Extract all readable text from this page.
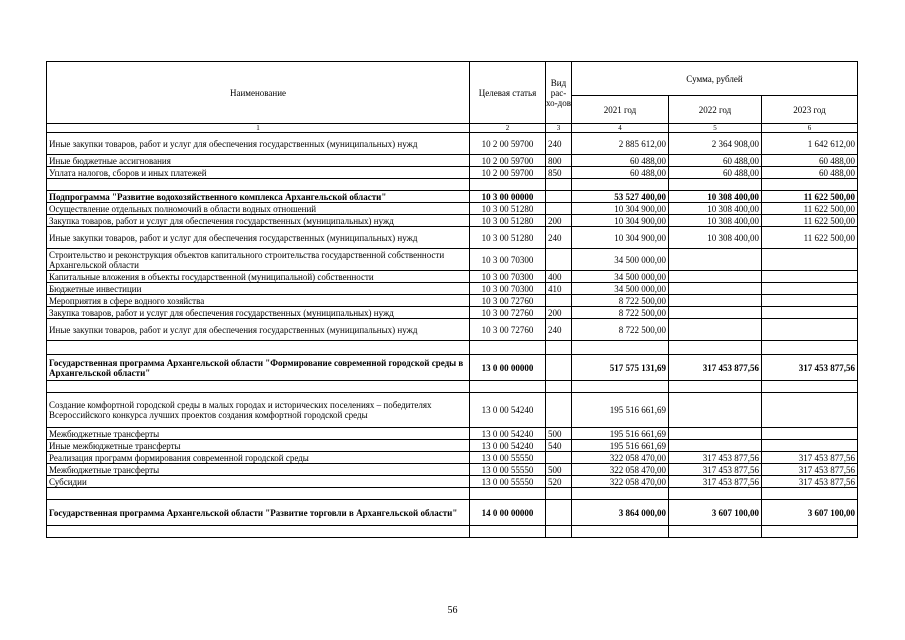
Наименование	Целевая статья	Вид рас-хо-дов	Сумма, рублей		
			2021 год	2022 год	2023 год
1	2	3	4	5	6
Иные закупки товаров, работ и услуг для обеспечения государственных (муниципальных) нужд	10 2 00 59700	240	2 885 612,00	2 364 908,00	1 642 612,00
Иные бюджетные ассигнования	10 2 00 59700	800	60 488,00	60 488,00	60 488,00
Уплата налогов, сборов и иных платежей	10 2 00 59700	850	60 488,00	60 488,00	60 488,00

Подпрограмма "Развитие водохозяйственного комплекса Архангельской области"	10 3 00 00000		53 527 400,00	10 308 400,00	11 622 500,00
Осуществление отдельных полномочий в области водных отношений	10 3 00 51280		10 304 900,00	10 308 400,00	11 622 500,00
Закупка товаров, работ и услуг для обеспечения государственных (муниципальных) нужд	10 3 00 51280	200	10 304 900,00	10 308 400,00	11 622 500,00
Иные закупки товаров, работ и услуг для обеспечения государственных (муниципальных) нужд	10 3 00 51280	240	10 304 900,00	10 308 400,00	11 622 500,00
Строительство и реконструкция объектов капитального строительства государственной собственности Архангельской области	10 3 00 70300		34 500 000,00		
Капитальные вложения в объекты государственной (муниципальной) собственности	10 3 00 70300	400	34 500 000,00		
Бюджетные инвестиции	10 3 00 70300	410	34 500 000,00		
Мероприятия в сфере водного хозяйства	10 3 00 72760		8 722 500,00		
Закупка товаров, работ и услуг для обеспечения государственных (муниципальных) нужд	10 3 00 72760	200	8 722 500,00		
Иные закупки товаров, работ и услуг для обеспечения государственных (муниципальных) нужд	10 3 00 72760	240	8 722 500,00		

Государственная программа Архангельской области "Формирование современной городской среды в Архангельской области"	13 0 00 00000		517 575 131,69	317 453 877,56	317 453 877,56

Создание комфортной городской среды в малых городах и исторических поселениях – победителях Всероссийского конкурса лучших проектов создания комфортной городской среды	13 0 00 54240		195 516 661,69		
Межбюджетные трансферты	13 0 00 54240	500	195 516 661,69		
Иные межбюджетные трансферты	13 0 00 54240	540	195 516 661,69		
Реализация программ формирования современной городской среды	13 0 00 55550		322 058 470,00	317 453 877,56	317 453 877,56
Межбюджетные трансферты	13 0 00 55550	500	322 058 470,00	317 453 877,56	317 453 877,56
Субсидии	13 0 00 55550	520	322 058 470,00	317 453 877,56	317 453 877,56

Государственная программа Архангельской области "Развитие торговли в Архангельской области"	14 0 00 00000		3 864 000,00	3 607 100,00	3 607 100,00

56
